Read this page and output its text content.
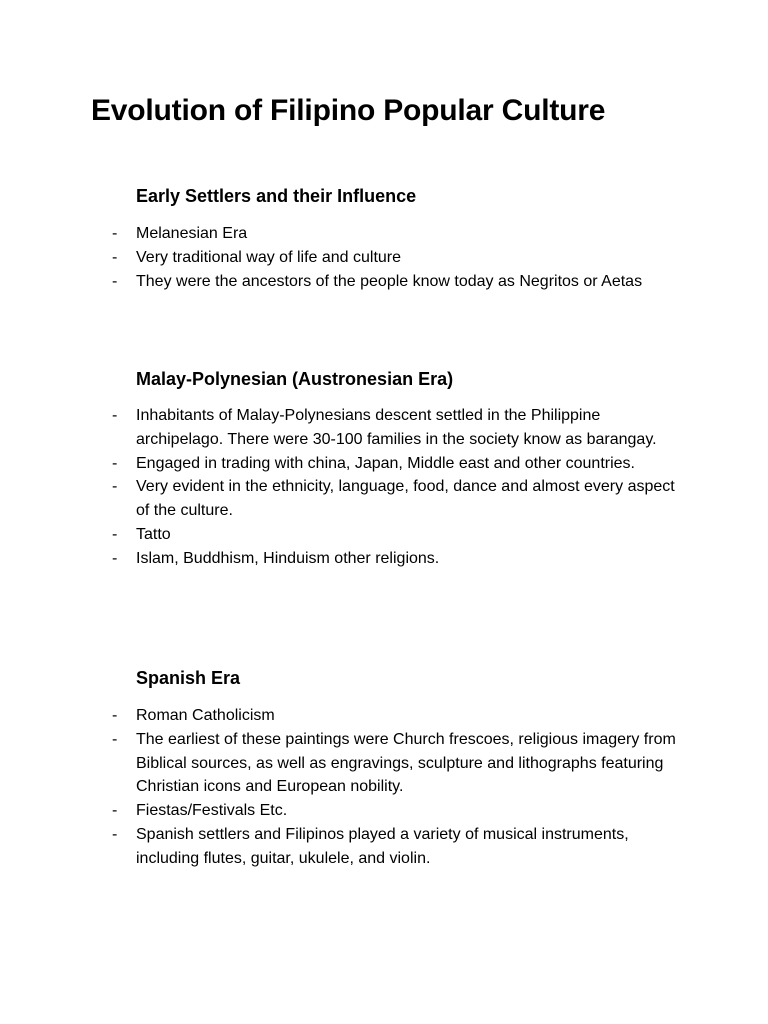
Evolution of Filipino Popular Culture
Early Settlers and their Influence
- Melanesian Era
- Very traditional way of life and culture
- They were the ancestors of the people know today as Negritos or Aetas
Malay-Polynesian (Austronesian Era)
- Inhabitants of Malay-Polynesians descent settled in the Philippine archipelago. There were 30-100 families in the society know as barangay.
- Engaged in trading with china, Japan, Middle east and other countries.
- Very evident in the ethnicity, language, food, dance and almost every aspect of the culture.
- Tatto
- Islam, Buddhism, Hinduism other religions.
Spanish Era
- Roman Catholicism
- The earliest of these paintings were Church frescoes, religious imagery from Biblical sources, as well as engravings, sculpture and lithographs featuring Christian icons and European nobility.
- Fiestas/Festivals Etc.
- Spanish settlers and Filipinos played a variety of musical instruments, including flutes, guitar, ukulele, and violin.
